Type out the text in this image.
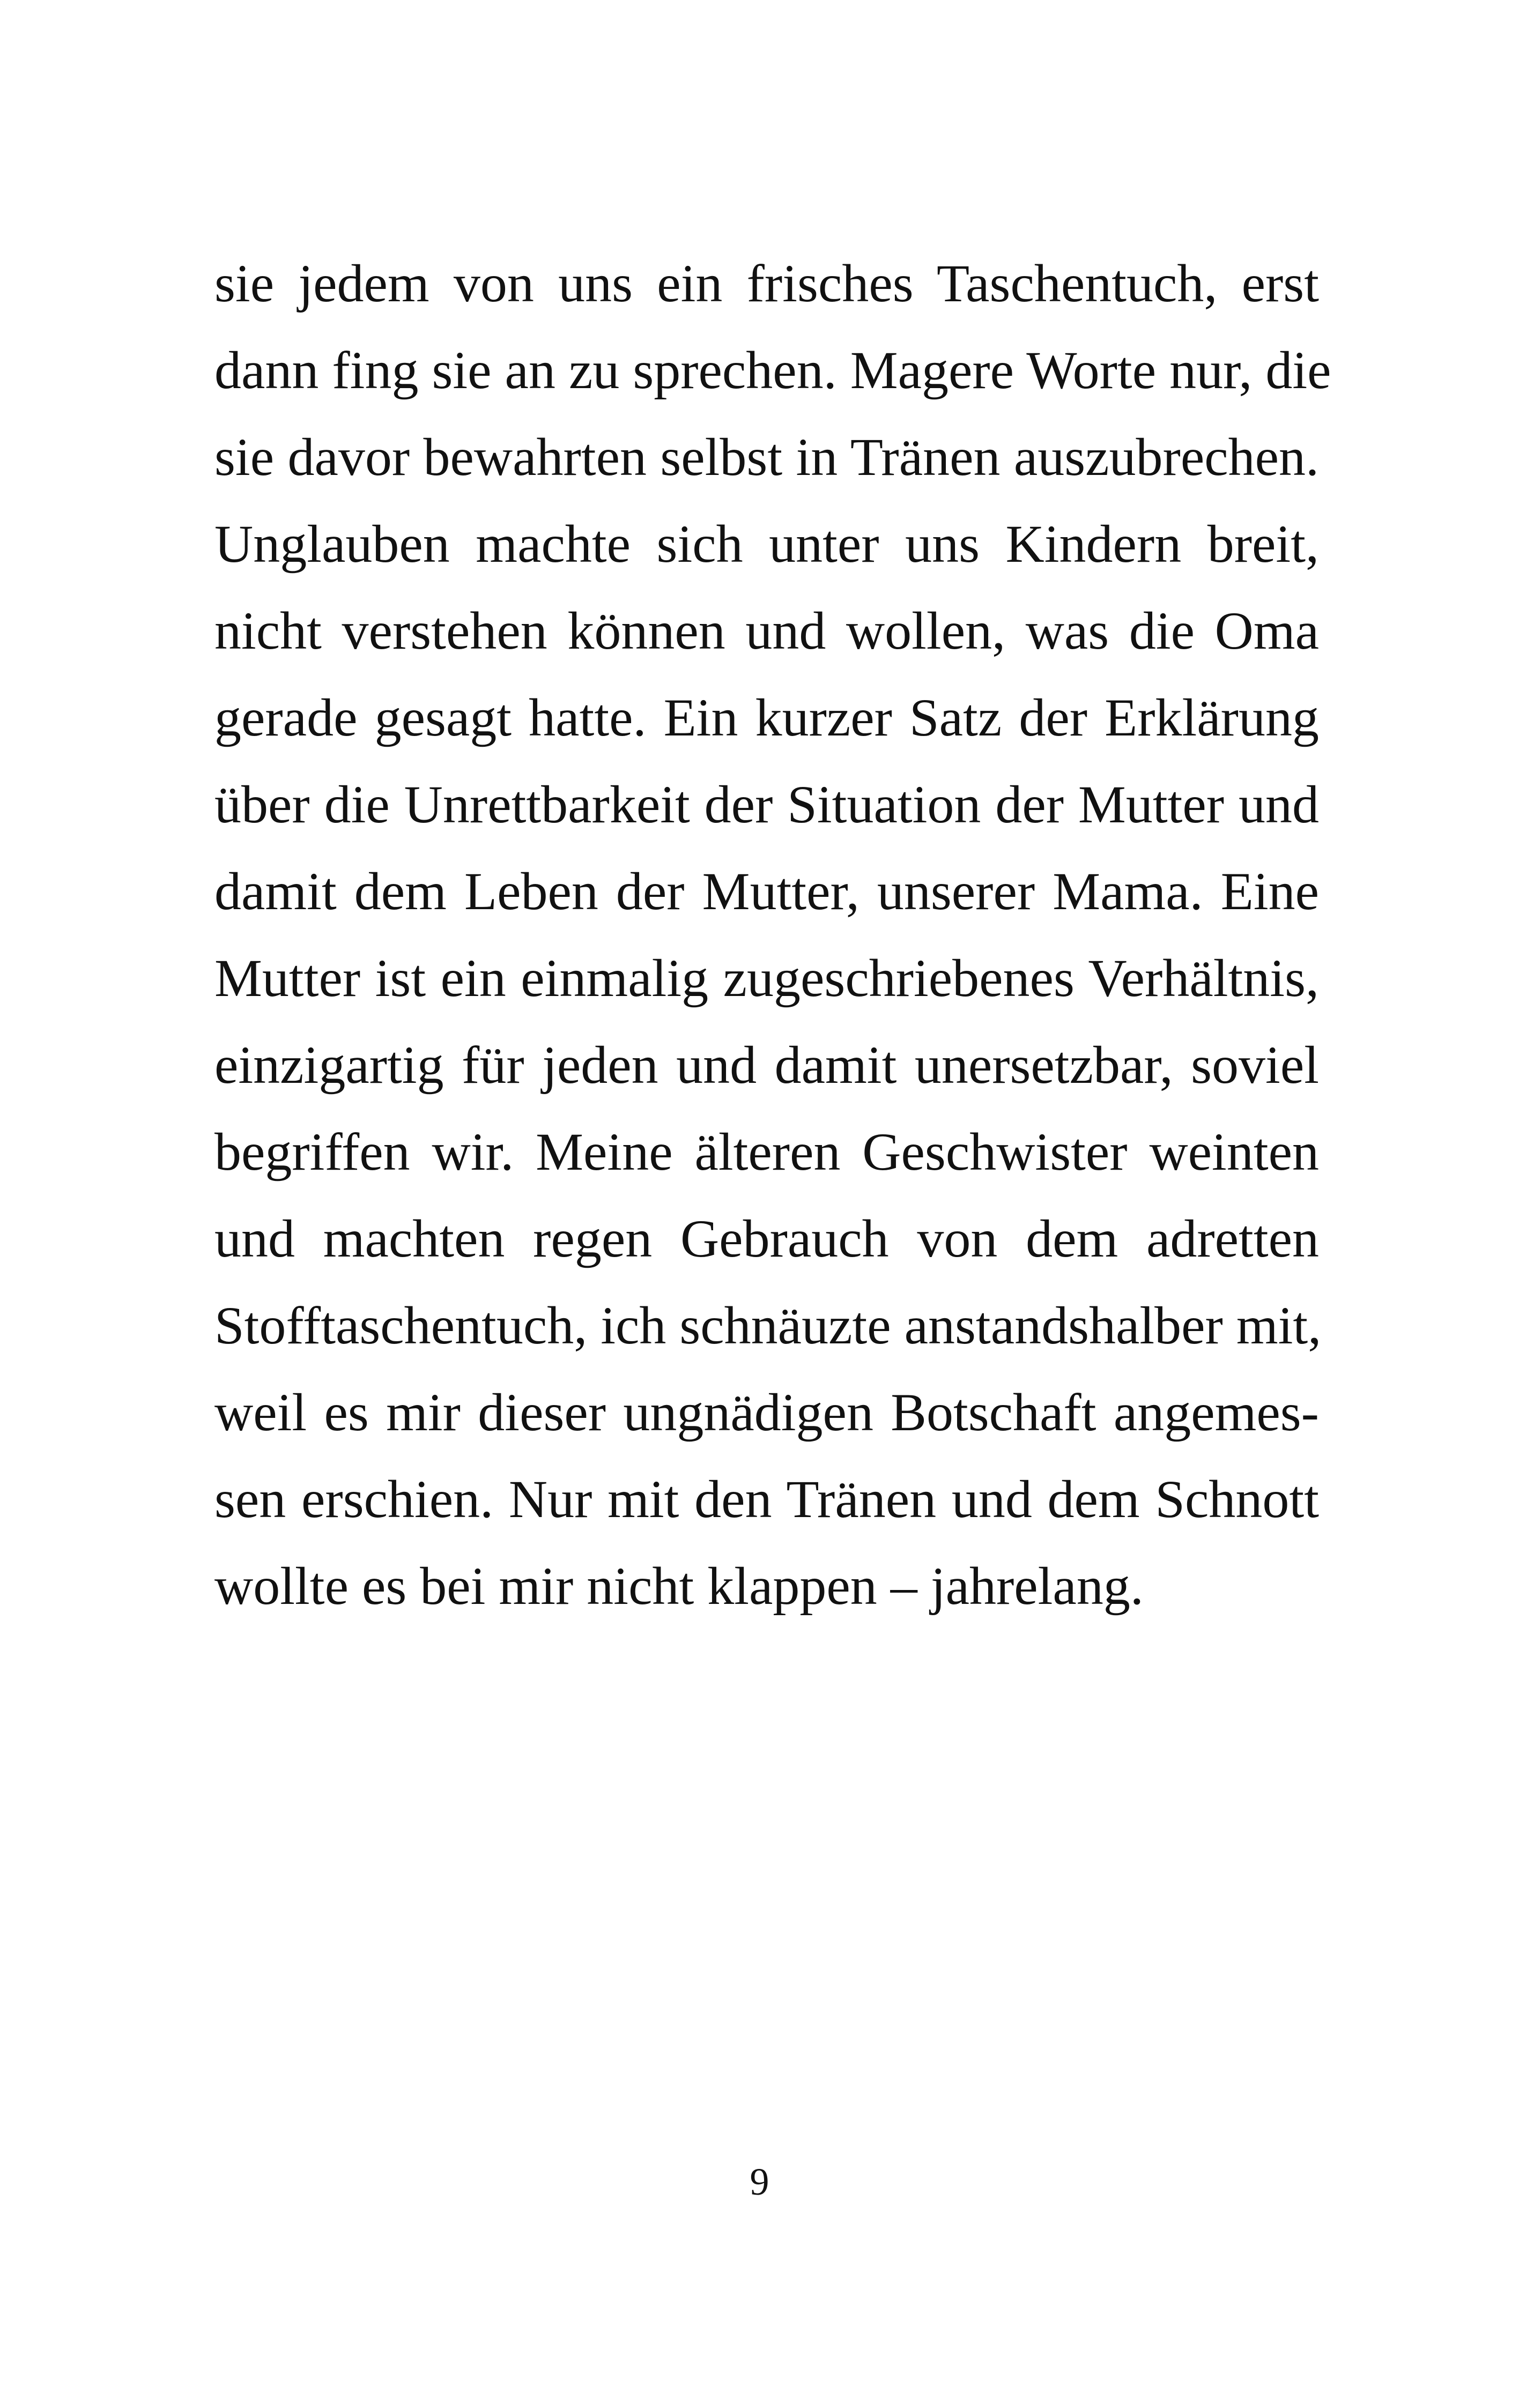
sie jedem von uns ein frisches Taschentuch, erst
dann fing sie an zu sprechen. Magere Worte nur, die
sie davor bewahrten selbst in Tränen auszubrechen.
Unglauben machte sich unter uns Kindern breit,
nicht verstehen können und wollen, was die Oma
gerade gesagt hatte. Ein kurzer Satz der Erklärung
über die Unrettbarkeit der Situation der Mutter und
damit dem Leben der Mutter, unserer Mama. Eine
Mutter ist ein einmalig zugeschriebenes Verhältnis,
einzigartig für jeden und damit unersetzbar, soviel
begriffen wir. Meine älteren Geschwister weinten
und machten regen Gebrauch von dem adretten
Stofftaschentuch, ich schnäuzte anstandshalber mit,
weil es mir dieser ungnädigen Botschaft angemes-
sen erschien. Nur mit den Tränen und dem Schnott
wollte es bei mir nicht klappen – jahrelang.
9
